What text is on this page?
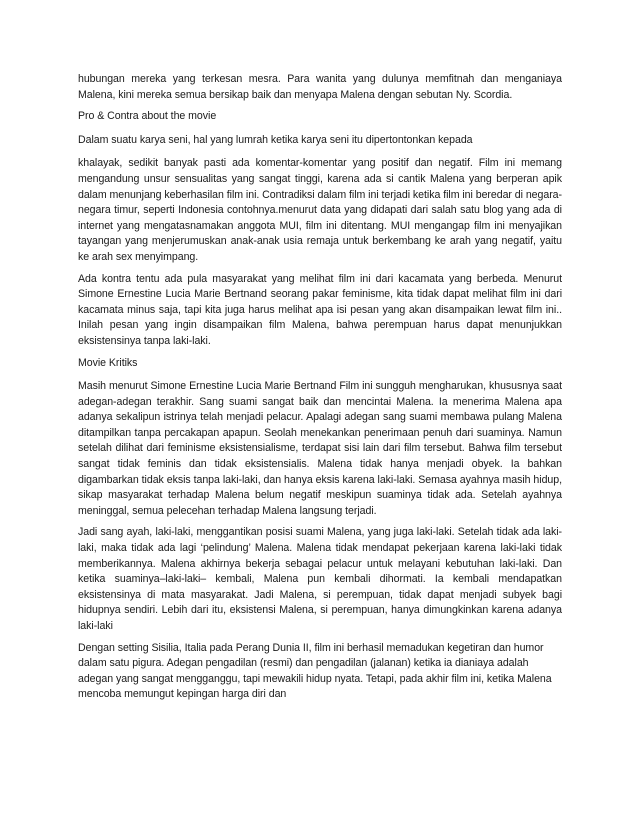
hubungan mereka yang terkesan mesra. Para wanita yang dulunya memfitnah dan menganiaya Malena, kini mereka semua bersikap baik dan menyapa Malena dengan sebutan Ny. Scordia.

Pro & Contra about the movie

Dalam suatu karya seni, hal yang lumrah ketika karya seni itu dipertontonkan kepada

khalayak, sedikit banyak pasti ada komentar-komentar yang positif dan negatif. Film ini memang mengandung unsur sensualitas yang sangat tinggi, karena ada si cantik Malena yang berperan apik dalam menunjang keberhasilan film ini. Contradiksi dalam film ini terjadi ketika film ini beredar di negara-negara timur, seperti Indonesia contohnya.menurut data yang didapati dari salah satu blog yang ada di internet yang mengatasnamakan anggota MUI, film ini ditentang. MUI mengangap film ini menyajikan tayangan yang menjerumuskan anak-anak usia remaja untuk berkembang ke arah yang negatif, yaitu ke arah sex menyimpang.

Ada kontra tentu ada pula masyarakat yang melihat film ini dari kacamata yang berbeda. Menurut Simone Ernestine Lucia Marie Bertnand seorang pakar feminisme, kita tidak dapat melihat film ini dari kacamata minus saja, tapi kita juga harus melihat apa isi pesan yang akan disampaikan lewat film ini.. Inilah pesan yang ingin disampaikan film Malena, bahwa perempuan harus dapat menunjukkan eksistensinya tanpa laki-laki.

Movie Kritiks

Masih menurut Simone Ernestine Lucia Marie Bertnand Film ini sungguh mengharukan, khususnya saat adegan-adegan terakhir. Sang suami sangat baik dan mencintai Malena. Ia menerima Malena apa adanya sekalipun istrinya telah menjadi pelacur. Apalagi adegan sang suami membawa pulang Malena ditampilkan tanpa percakapan apapun. Seolah menekankan penerimaan penuh dari suaminya. Namun setelah dilihat dari feminisme eksistensialisme, terdapat sisi lain dari film tersebut. Bahwa film tersebut sangat tidak feminis dan tidak eksistensialis. Malena tidak hanya menjadi obyek. Ia bahkan digambarkan tidak eksis tanpa laki-laki, dan hanya eksis karena laki-laki. Semasa ayahnya masih hidup, sikap masyarakat terhadap Malena belum negatif meskipun suaminya tidak ada. Setelah ayahnya meninggal, semua pelecehan terhadap Malena langsung terjadi.

Jadi sang ayah, laki-laki, menggantikan posisi suami Malena, yang juga laki-laki. Setelah tidak ada laki-laki, maka tidak ada lagi ‘pelindung’ Malena. Malena tidak mendapat pekerjaan karena laki-laki tidak memberikannya. Malena akhirnya bekerja sebagai pelacur untuk melayani kebutuhan laki-laki. Dan ketika suaminya–laki-laki– kembali, Malena pun kembali dihormati. Ia kembali mendapatkan eksistensinya di mata masyarakat. Jadi Malena, si perempuan, tidak dapat menjadi subyek bagi hidupnya sendiri. Lebih dari itu, eksistensi Malena, si perempuan, hanya dimungkinkan karena adanya laki-laki

Dengan setting Sisilia, Italia pada Perang Dunia II, film ini berhasil memadukan kegetiran dan humor dalam satu pigura. Adegan pengadilan (resmi) dan pengadilan (jalanan) ketika ia dianiaya adalah adegan yang sangat mengganggu, tapi mewakili hidup nyata. Tetapi, pada akhir film ini, ketika Malena mencoba memungut kepingan harga diri dan
